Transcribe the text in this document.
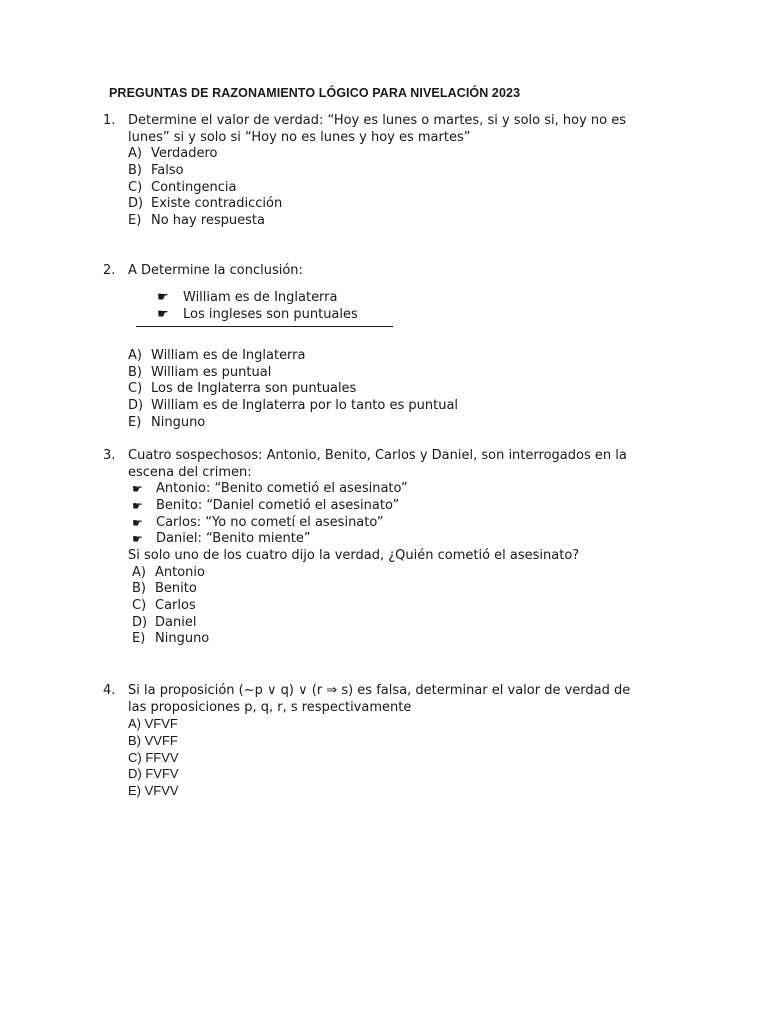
PREGUNTAS DE RAZONAMIENTO LÓGICO PARA NIVELACIÓN 2023
1. Determine el valor de verdad: “Hoy es lunes o martes, si y solo si, hoy no es lunes” si y solo si “Hoy no es lunes y hoy es martes”
A) Verdadero
B) Falso
C) Contingencia
D) Existe contradicción
E) No hay respuesta
2. A Determine la conclusión:
☛	William es de Inglaterra
☛	Los ingleses son puntuales
A) William es de Inglaterra
B) William es puntual
C) Los de Inglaterra son puntuales
D) William es de Inglaterra por lo tanto es puntual
E) Ninguno
3. Cuatro sospechosos: Antonio, Benito, Carlos y Daniel, son interrogados en la escena del crimen:
☛	Antonio: “Benito cometió el asesinato”
☛	Benito: “Daniel cometió el asesinato”
☛	Carlos: “Yo no cometí el asesinato”
☛	Daniel: “Benito miente”
Si solo uno de los cuatro dijo la verdad, ¿Quién cometió el asesinato?
A) Antonio
B) Benito
C) Carlos
D) Daniel
E) Ninguno
4. Si la proposición (~p ∨ q) ∨ (r ⇒ s) es falsa, determinar el valor de verdad de las proposiciones p, q, r, s respectivamente
A)
VFVF
B)
VVFF
C)
FFVV
D)
FVFV
E)
VFVV
